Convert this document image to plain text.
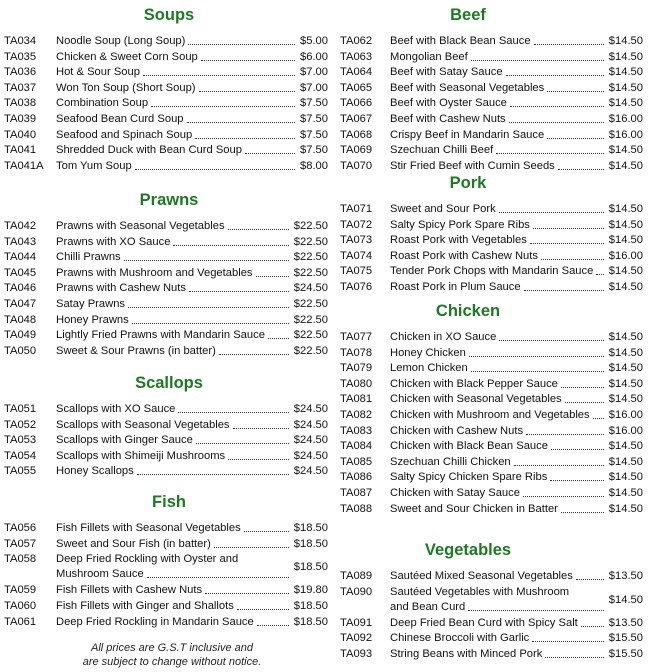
Soups
TA034 Noodle Soup (Long Soup)	$5.00
TA035 Chicken & Sweet Corn Soup	$6.00
TA036 Hot & Sour Soup	$7.00
TA037 Won Ton Soup (Short Soup)	$7.00
TA038 Combination Soup	$7.50
TA039 Seafood Bean Curd Soup	$7.50
TA040 Seafood and Spinach Soup	$7.50
TA041 Shredded Duck with Bean Curd Soup	$7.50
TA041A Tom Yum Soup	$8.00
Prawns
TA042 Prawns with Seasonal Vegetables	$22.50
TA043 Prawns with XO Sauce	$22.50
TA044 Chilli Prawns	$22.50
TA045 Prawns with Mushroom and Vegetables	$22.50
TA046 Prawns with Cashew Nuts	$24.50
TA047 Satay Prawns	$22.50
TA048 Honey Prawns	$22.50
TA049 Lightly Fried Prawns with Mandarin Sauce	$22.50
TA050 Sweet & Sour Prawns (in batter)	$22.50
Scallops
TA051 Scallops with XO Sauce	$24.50
TA052 Scallops with Seasonal Vegetables	$24.50
TA053 Scallops with Ginger Sauce	$24.50
TA054 Scallops with Shimeiji Mushrooms	$24.50
TA055 Honey Scallops	$24.50
Fish
TA056 Fish Fillets with Seasonal Vegetables	$18.50
TA057 Sweet and Sour Fish (in batter)	$18.50
TA058 Deep Fried Rockling with Oyster and
Mushroom Sauce
$18.50
TA059 Fish Fillets with Cashew Nuts	$19.80
TA060 Fish Fillets with Ginger and Shallots	$18.50
TA061 Deep Fried Rockling in Mandarin Sauce	$18.50
Beef
TA062 Beef with Black Bean Sauce	$14.50
TA063 Mongolian Beef	$14.50
TA064 Beef with Satay Sauce	$14.50
TA065 Beef with Seasonal Vegetables	$14.50
TA066 Beef with Oyster Sauce	$14.50
TA067 Beef with Cashew Nuts	$16.00
TA068 Crispy Beef in Mandarin Sauce	$16.00
TA069 Szechuan Chilli Beef	$14.50
TA070 Stir Fried Beef with Cumin Seeds	$14.50
Pork
TA071 Sweet and Sour Pork	$14.50
TA072 Salty Spicy Pork Spare Ribs	$14.50
TA073 Roast Pork with Vegetables	$14.50
TA074 Roast Pork with Cashew Nuts	$16.00
TA075 Tender Pork Chops with Mandarin Sauce $14.50
TA076 Roast Pork in Plum Sauce	$14.50
Chicken
TA077 Chicken in XO Sauce	$14.50
TA078 Honey Chicken	$14.50
TA079 Lemon Chicken	$14.50
TA080 Chicken with Black Pepper Sauce	$14.50
TA081 Chicken with Seasonal Vegetables	$14.50
TA082 Chicken with Mushroom and Vegetables $16.00
TA083 Chicken with Cashew Nuts	$16.00
TA084 Chicken with Black Bean Sauce	$14.50
TA085 Szechuan Chilli Chicken	$14.50
TA086 Salty Spicy Chicken Spare Ribs	$14.50
TA087 Chicken with Satay Sauce	$14.50
TA088 Sweet and Sour Chicken in Batter	$14.50
Vegetables
TA089 Sautéed Mixed Seasonal Vegetables	$13.50
TA090 Sautéed Vegetables with Mushroom
and Bean Curd
$14.50
TA091 Deep Fried Bean Curd with Spicy Salt	$13.50
TA092 Chinese Broccoli with Garlic	$15.50
TA093 String Beans with Minced Pork	$15.50
All prices are G.S.T inclusive and
are subject to change without notice.
